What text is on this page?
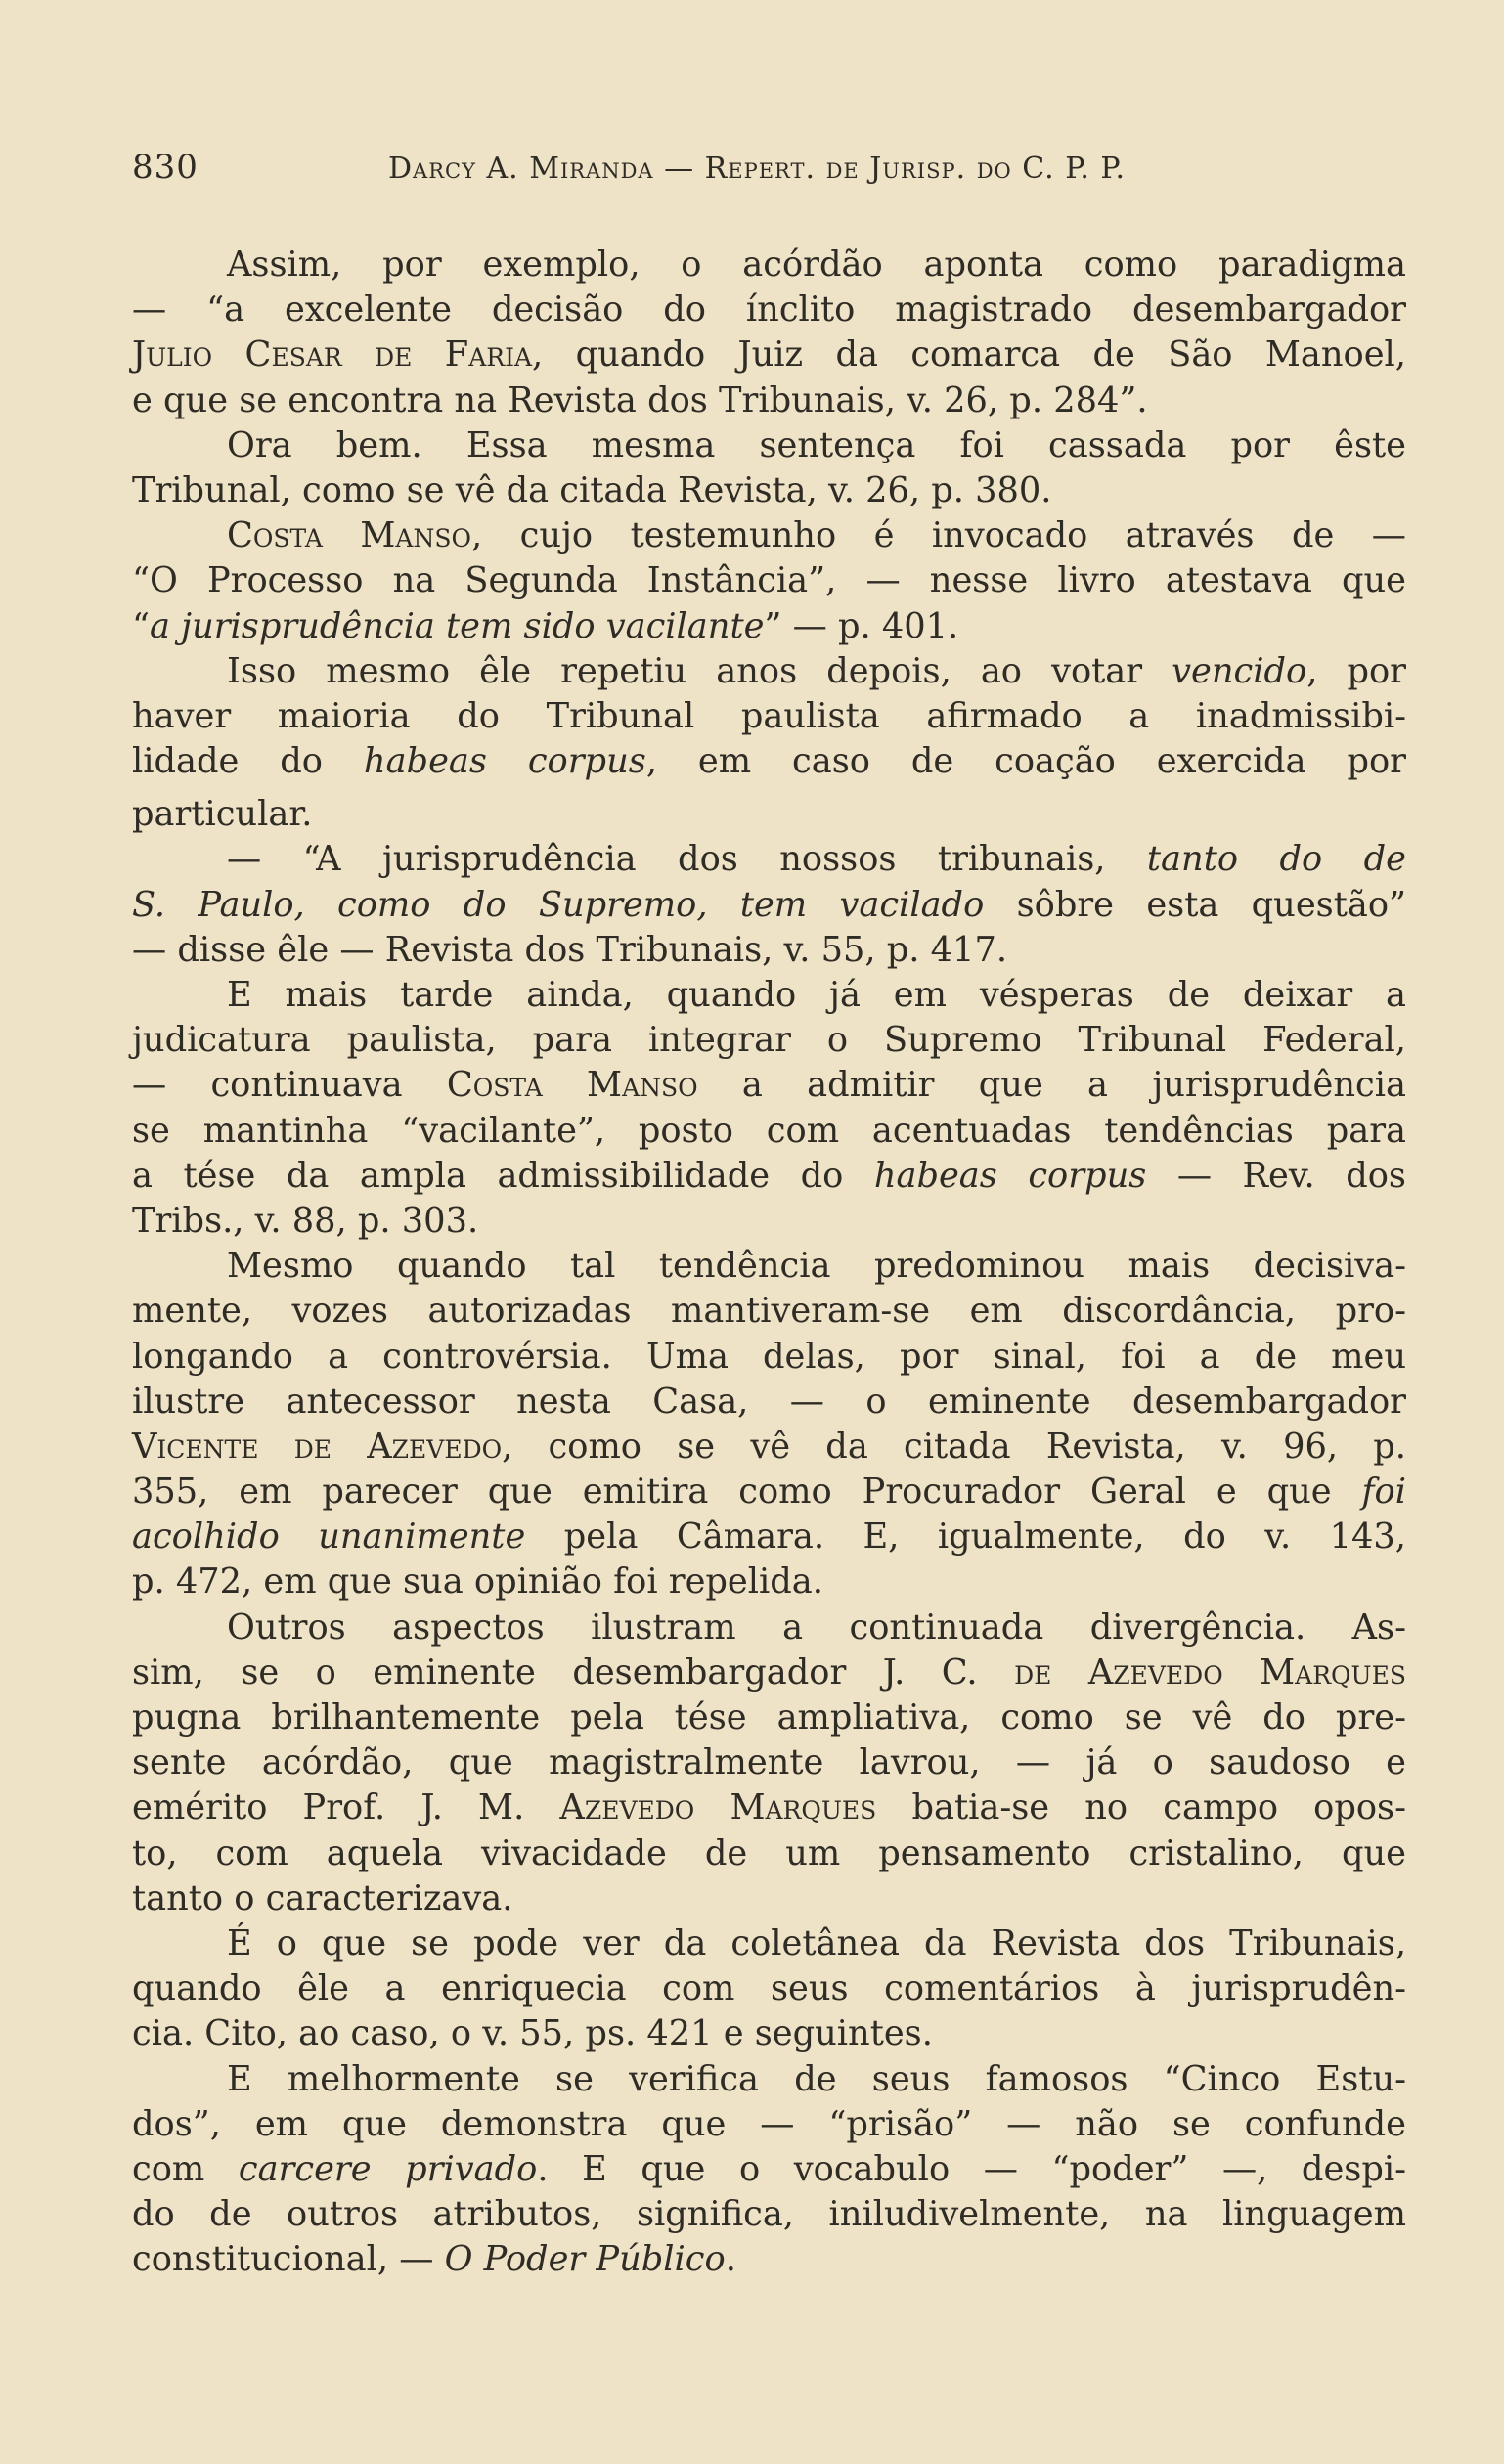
830	Darcy A. Miranda — Repert. de Jurisp. do C. P. P.
Assim, por exemplo, o acórdão aponta como paradigma
— “a excelente decisão do ínclito magistrado desembargador
Julio Cesar de Faria, quando Juiz da comarca de São Manoel,
e que se encontra na Revista dos Tribunais, v. 26, p. 284”.
Ora bem. Essa mesma sentença foi cassada por êste
Tribunal, como se vê da citada Revista, v. 26, p. 380.
Costa Manso, cujo testemunho é invocado através de —
“O Processo na Segunda Instância”, — nesse livro atestava que
“a jurisprudência tem sido vacilante” — p. 401.
Isso mesmo êle repetiu anos depois, ao votar vencido, por
haver maioria do Tribunal paulista afirmado a inadmissibi-
lidade do habeas corpus, em caso de coação exercida por
particular.
— “A jurisprudência dos nossos tribunais, tanto do de
S. Paulo, como do Supremo, tem vacilado sôbre esta questão”
— disse êle — Revista dos Tribunais, v. 55, p. 417.
E mais tarde ainda, quando já em vésperas de deixar a
judicatura paulista, para integrar o Supremo Tribunal Federal,
— continuava Costa Manso a admitir que a jurisprudência
se mantinha “vacilante”, posto com acentuadas tendências para
a tése da ampla admissibilidade do habeas corpus — Rev. dos
Tribs., v. 88, p. 303.
Mesmo quando tal tendência predominou mais decisiva-
mente, vozes autorizadas mantiveram-se em discordância, pro-
longando a controvérsia. Uma delas, por sinal, foi a de meu
ilustre antecessor nesta Casa, — o eminente desembargador
Vicente de Azevedo, como se vê da citada Revista, v. 96, p.
355, em parecer que emitira como Procurador Geral e que foi
acolhido unanimente pela Câmara. E, igualmente, do v. 143,
p. 472, em que sua opinião foi repelida.
Outros aspectos ilustram a continuada divergência. As-
sim, se o eminente desembargador J. C. de Azevedo Marques
pugna brilhantemente pela tése ampliativa, como se vê do pre-
sente acórdão, que magistralmente lavrou, — já o saudoso e
emérito Prof. J. M. Azevedo Marques batia-se no campo opos-
to, com aquela vivacidade de um pensamento cristalino, que
tanto o caracterizava.
É o que se pode ver da coletânea da Revista dos Tribunais,
quando êle a enriquecia com seus comentários à jurisprudên-
cia. Cito, ao caso, o v. 55, ps. 421 e seguintes.
E melhormente se verifica de seus famosos “Cinco Estu-
dos”, em que demonstra que — “prisão” — não se confunde
com carcere privado. E que o vocabulo — “poder” —, despi-
do de outros atributos, significa, iniludivelmente, na linguagem
constitucional, — O Poder Público.
